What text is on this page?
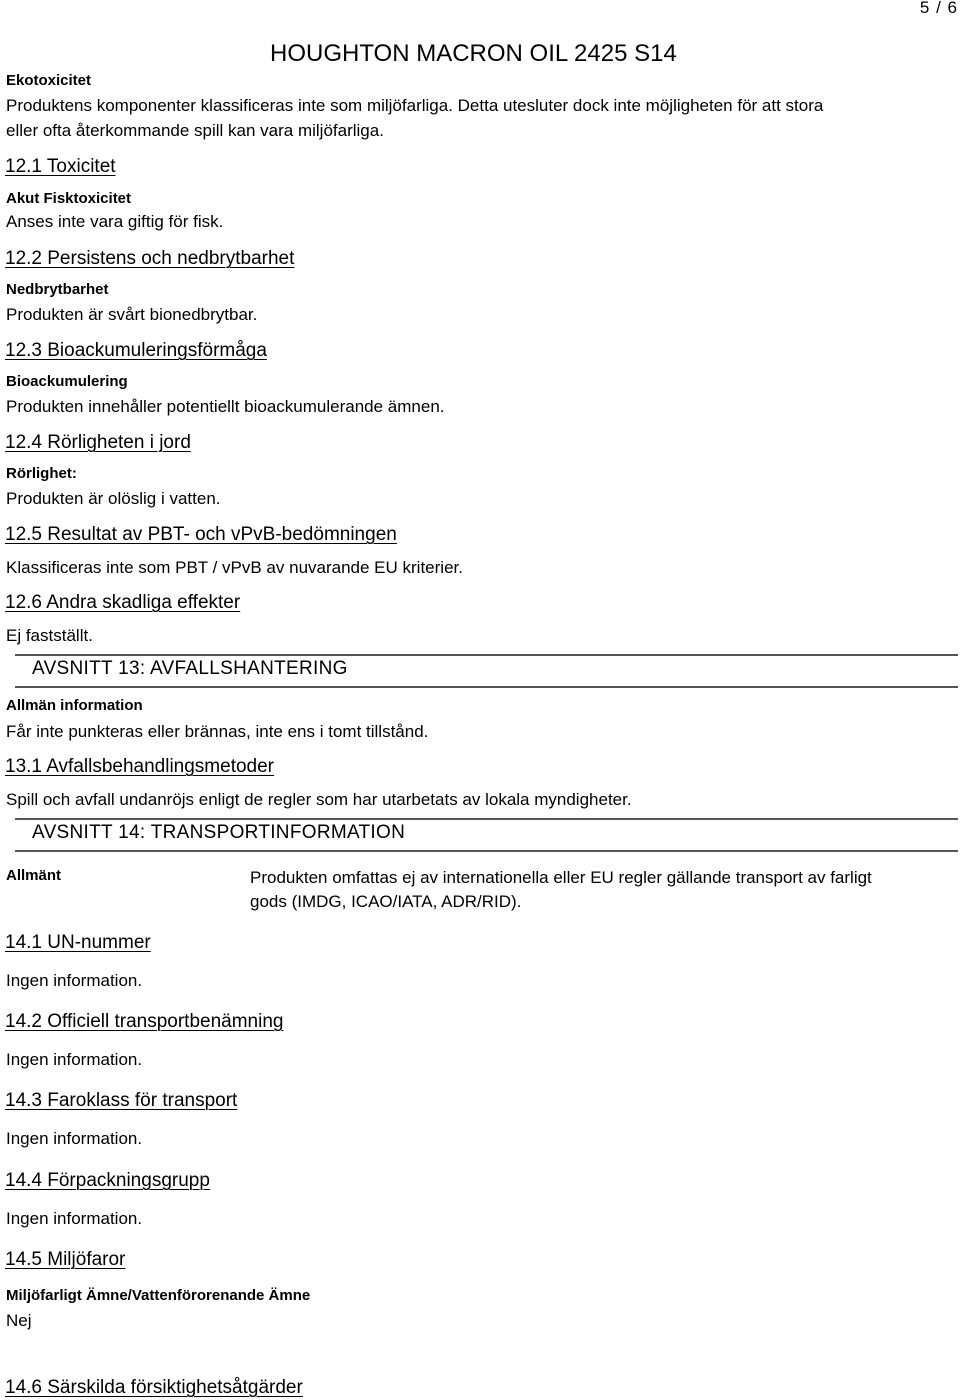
5 / 6
HOUGHTON MACRON OIL 2425 S14
Ekotoxicitet
Produktens komponenter klassificeras inte som miljöfarliga. Detta utesluter dock inte möjligheten för att stora
eller ofta återkommande spill kan vara miljöfarliga.
12.1 Toxicitet
Akut Fisktoxicitet
Anses inte vara giftig för fisk.
12.2 Persistens och nedbrytbarhet
Nedbrytbarhet
Produkten är svårt bionedbrytbar.
12.3 Bioackumuleringsförmåga
Bioackumulering
Produkten innehåller potentiellt bioackumulerande ämnen.
12.4 Rörligheten i jord
Rörlighet:
Produkten är olöslig i vatten.
12.5 Resultat av PBT- och vPvB-bedömningen
Klassificeras inte som PBT / vPvB av nuvarande EU kriterier.
12.6 Andra skadliga effekter
Ej fastställt.
AVSNITT 13: AVFALLSHANTERING
Allmän information
Får inte punkteras eller brännas, inte ens i tomt tillstånd.
13.1 Avfallsbehandlingsmetoder
Spill och avfall undanröjs enligt de regler som har utarbetats av lokala myndigheter.
AVSNITT 14: TRANSPORTINFORMATION
Allmänt	Produkten omfattas ej av internationella eller EU regler gällande transport av farligt
gods (IMDG, ICAO/IATA, ADR/RID).
14.1 UN-nummer
Ingen information.
14.2 Officiell transportbenämning
Ingen information.
14.3 Faroklass för transport
Ingen information.
14.4 Förpackningsgrupp
Ingen information.
14.5 Miljöfaror
Miljöfarligt Ämne/Vattenförorenande Ämne
Nej
14.6 Särskilda försiktighetsåtgärder
